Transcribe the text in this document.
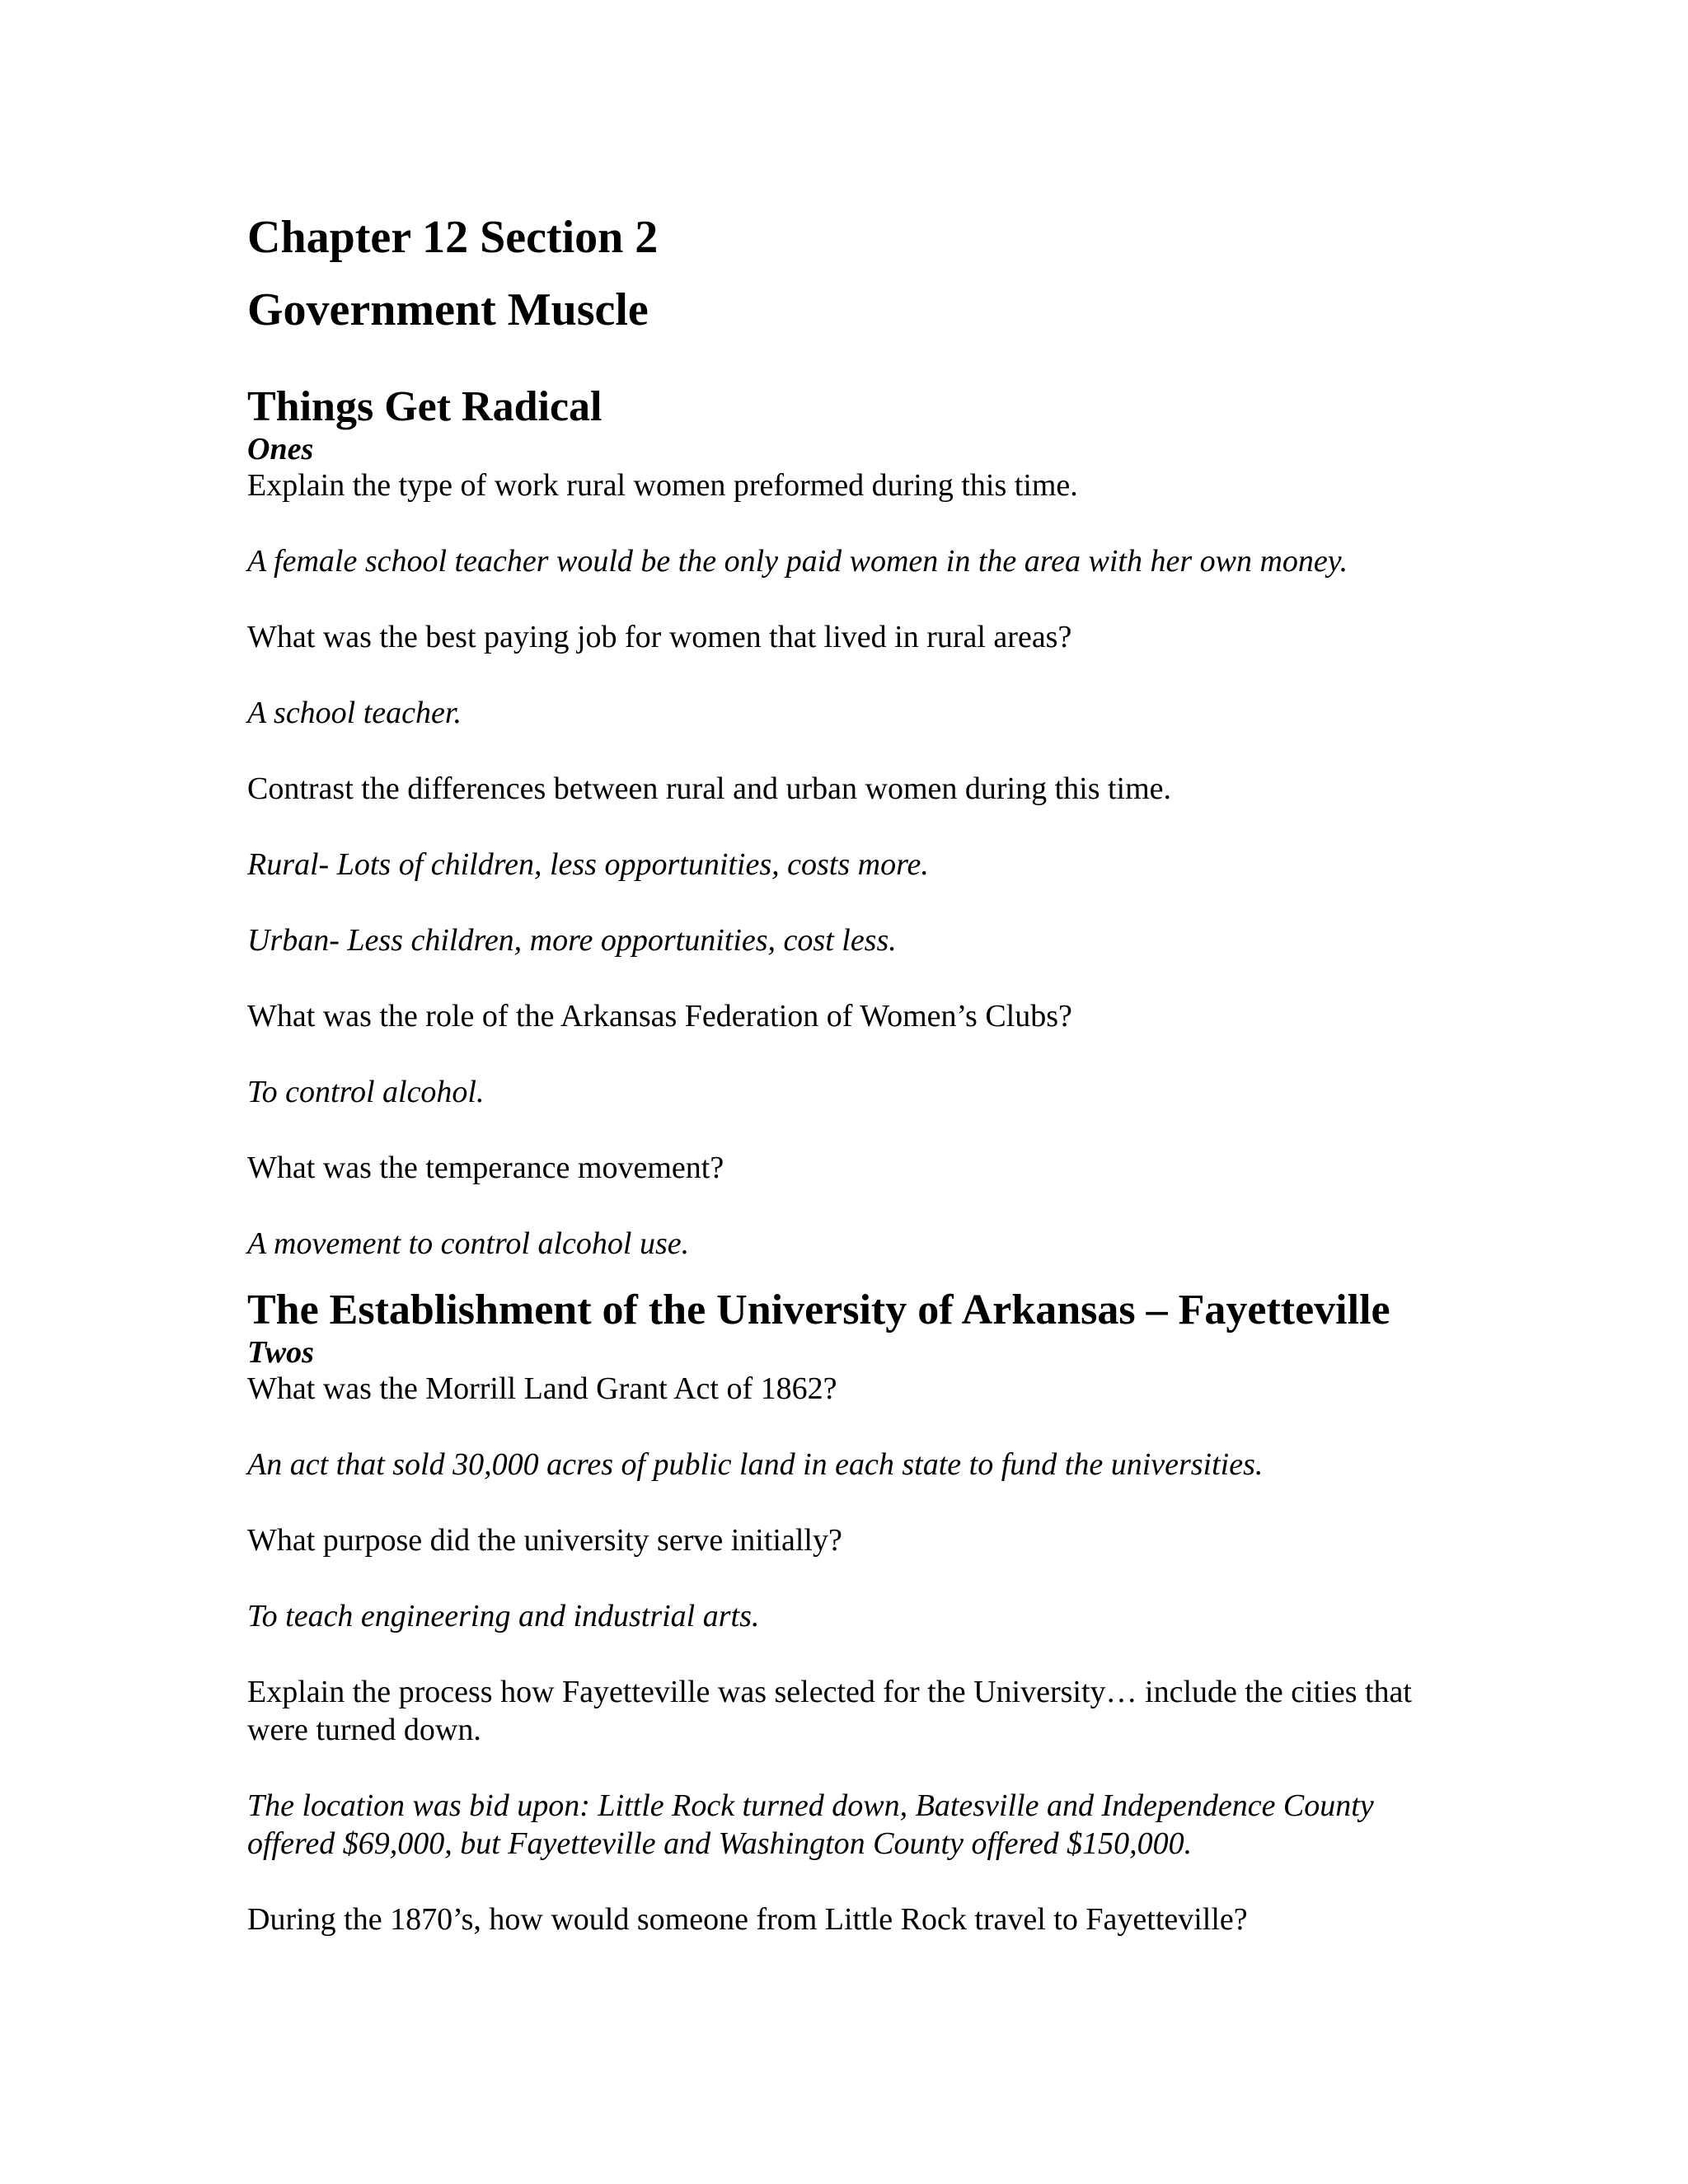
Chapter 12 Section 2
Government Muscle
Things Get Radical
Ones

Explain the type of work rural women preformed during this time.

A female school teacher would be the only paid women in the area with her own money.

What was the best paying job for women that lived in rural areas?

A school teacher.

Contrast the differences between rural and urban women during this time.

Rural- Lots of children, less opportunities, costs more.

Urban- Less children, more opportunities, cost less.

What was the role of the Arkansas Federation of Women’s Clubs?

To control alcohol.

What was the temperance movement?

A movement to control alcohol use.

The Establishment of the University of Arkansas – Fayetteville
Twos

What was the Morrill Land Grant Act of 1862?

An act that sold 30,000 acres of public land in each state to fund the universities.

What purpose did the university serve initially?

To teach engineering and industrial arts.

Explain the process how Fayetteville was selected for the University… include the cities that were turned down.

The location was bid upon: Little Rock turned down, Batesville and Independence County offered $69,000, but Fayetteville and Washington County offered $150,000.

During the 1870’s, how would someone from Little Rock travel to Fayetteville?
